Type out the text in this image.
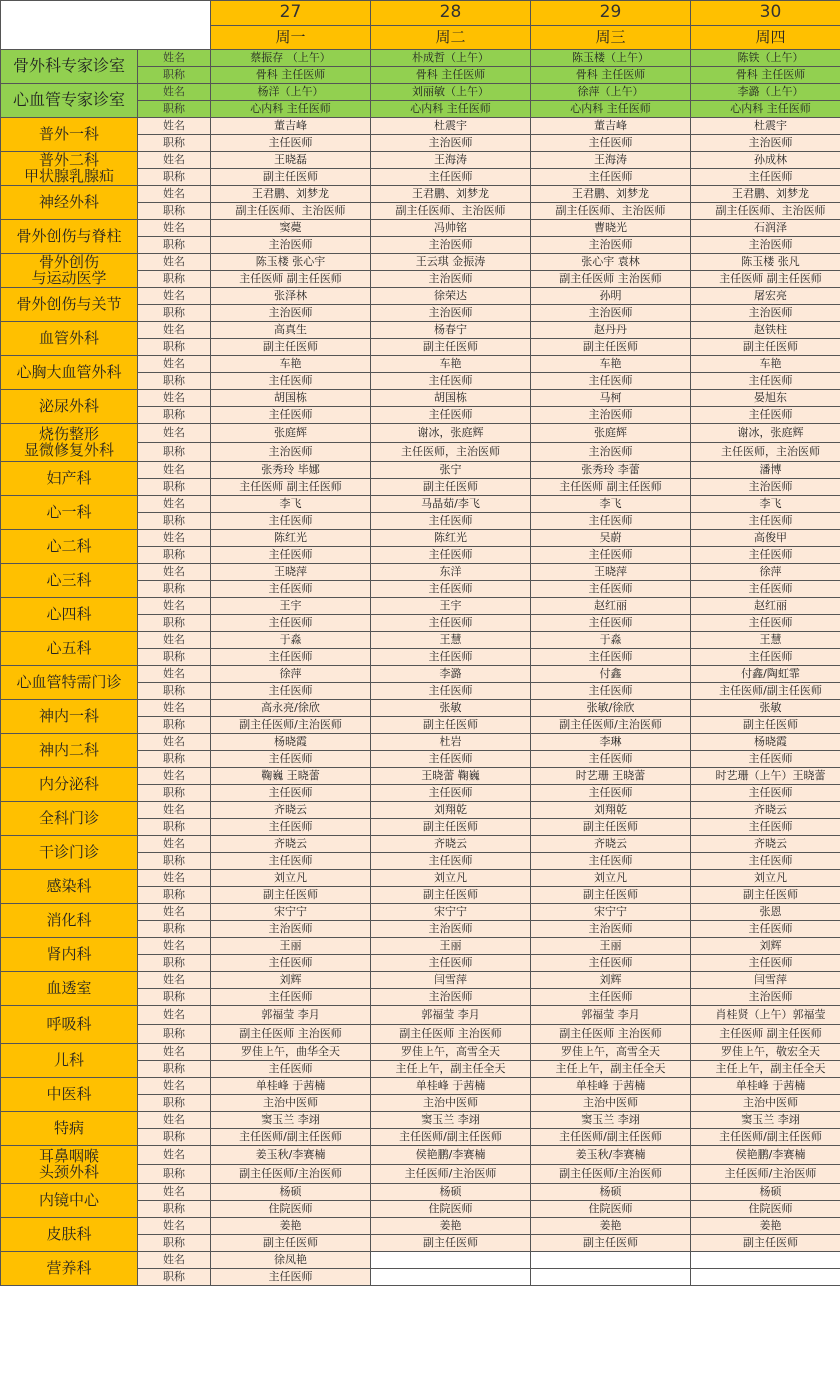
		27	28	29	30
		周一	周二	周三	周四
骨外科专家诊室	姓名	蔡振存 （上午）	朴成哲（上午）	陈玉楼（上午）	陈铁（上午）
	职称	骨科 主任医师	骨科 主任医师	骨科 主任医师	骨科 主任医师
心血管专家诊室	姓名	杨洋（上午）	刘丽敏（上午）	徐萍（上午）	李潞（上午）
	职称	心内科 主任医师	心内科 主任医师	心内科 主任医师	心内科 主任医师
普外一科	姓名	董吉峰	杜震宇	董吉峰	杜震宇
	职称	主任医师	主治医师	主任医师	主治医师
普外二科
甲状腺乳腺疝	姓名	王晓磊	王海涛	王海涛	孙成林
	职称	副主任医师	主任医师	主任医师	主任医师
神经外科	姓名	王君鹏、刘梦龙	王君鹏、刘梦龙	王君鹏、刘梦龙	王君鹏、刘梦龙
	职称	副主任医师、主治医师	副主任医师、主治医师	副主任医师、主治医师	副主任医师、主治医师
骨外创伤与脊柱	姓名	窦薨	冯帅铭	曹晓光	石润泽
	职称	主治医师	主治医师	主治医师	主治医师
骨外创伤
与运动医学	姓名	陈玉楼 张心宇	王云琪 金振涛	张心宇 袁林	陈玉楼 张凡
	职称	主任医师 副主任医师	主治医师	副主任医师 主治医师	主任医师 副主任医师
骨外创伤与关节	姓名	张泽林	徐荣达	孙明	屠宏亮
	职称	主治医师	主治医师	主治医师	主治医师
血管外科	姓名	高真生	杨春宁	赵丹丹	赵铁柱
	职称	副主任医师	副主任医师	副主任医师	副主任医师
心胸大血管外科	姓名	车艳	车艳	车艳	车艳
	职称	主任医师	主任医师	主任医师	主任医师
泌尿外科	姓名	胡国栋	胡国栋	马柯	晏旭东
	职称	主任医师	主任医师	主治医师	主任医师
烧伤整形
显微修复外科	姓名	张庭辉	谢冰，张庭辉	张庭辉	谢冰，张庭辉
	职称	主治医师	主任医师，主治医师	主治医师	主任医师，主治医师
妇产科	姓名	张秀玲 毕娜	张宁	张秀玲 李蕾	潘博
	职称	主任医师 副主任医师	副主任医师	主任医师 副主任医师	主治医师
心一科	姓名	李飞	马晶茹/李飞	李飞	李飞
	职称	主任医师	主任医师	主任医师	主任医师
心二科	姓名	陈红光	陈红光	吴蔚	高俊甲
	职称	主任医师	主任医师	主任医师	主任医师
心三科	姓名	王晓萍	东洋	王晓萍	徐萍
	职称	主任医师	主任医师	主任医师	主任医师
心四科	姓名	王宇	王宇	赵红丽	赵红丽
	职称	主任医师	主任医师	主任医师	主任医师
心五科	姓名	于淼	王慧	于淼	王慧
	职称	主任医师	主任医师	主任医师	主任医师
心血管特需门诊	姓名	徐萍	李潞	付鑫	付鑫/陶虹霏
	职称	主任医师	主任医师	主任医师	主任医师/副主任医师
神内一科	姓名	高永亮/徐欣	张敏	张敏/徐欣	张敏
	职称	副主任医师/主治医师	副主任医师	副主任医师/主治医师	副主任医师
神内二科	姓名	杨晓霞	杜岩	李琳	杨晓霞
	职称	主任医师	主任医师	主任医师	主任医师
内分泌科	姓名	鞠巍 王晓蕾	王晓蕾 鞠巍	时艺珊 王晓蕾	时艺珊（上午）王晓蕾
	职称	主任医师	主任医师	主任医师	主任医师
全科门诊	姓名	齐晓云	刘翔乾	刘翔乾	齐晓云
	职称	主任医师	副主任医师	副主任医师	主任医师
干诊门诊	姓名	齐晓云	齐晓云	齐晓云	齐晓云
	职称	主任医师	主任医师	主任医师	主任医师
感染科	姓名	刘立凡	刘立凡	刘立凡	刘立凡
	职称	副主任医师	副主任医师	副主任医师	副主任医师
消化科	姓名	宋宁宁	宋宁宁	宋宁宁	张恩
	职称	主治医师	主治医师	主治医师	主任医师
肾内科	姓名	王丽	王丽	王丽	刘辉
	职称	主任医师	主任医师	主任医师	主任医师
血透室	姓名	刘辉	闫雪萍	刘辉	闫雪萍
	职称	主任医师	主治医师	主任医师	主治医师
呼吸科	姓名	郭福莹 李月	郭福莹 李月	郭福莹 李月	肖桂贤（上午）郭福莹
	职称	副主任医师 主治医师	副主任医师 主治医师	副主任医师 主治医师	主任医师 副主任医师
儿科	姓名	罗佳上午，曲华全天	罗佳上午，高雪全天	罗佳上午，高雪全天	罗佳上午，敬宏全天
	职称	主任医师	主任上午，副主任全天	主任上午，副主任全天	主任上午，副主任全天
中医科	姓名	单桂峰 于茜楠	单桂峰 于茜楠	单桂峰 于茜楠	单桂峰 于茜楠
	职称	主治中医师	主治中医师	主治中医师	主治中医师
特病	姓名	窦玉兰 李翊	窦玉兰 李翊	窦玉兰 李翊	窦玉兰 李翊
	职称	主任医师/副主任医师	主任医师/副主任医师	主任医师/副主任医师	主任医师/副主任医师
耳鼻咽喉
头颈外科	姓名	姜玉秋/李赛楠	侯艳鹏/李赛楠	姜玉秋/李赛楠	侯艳鹏/李赛楠
	职称	副主任医师/主治医师	主任医师/主治医师	副主任医师/主治医师	主任医师/主治医师
内镜中心	姓名	杨硕	杨硕	杨硕	杨硕
	职称	住院医师	住院医师	住院医师	住院医师
皮肤科	姓名	姜艳	姜艳	姜艳	姜艳
	职称	副主任医师	副主任医师	副主任医师	副主任医师
营养科	姓名	徐凤艳			
	职称	主任医师			
